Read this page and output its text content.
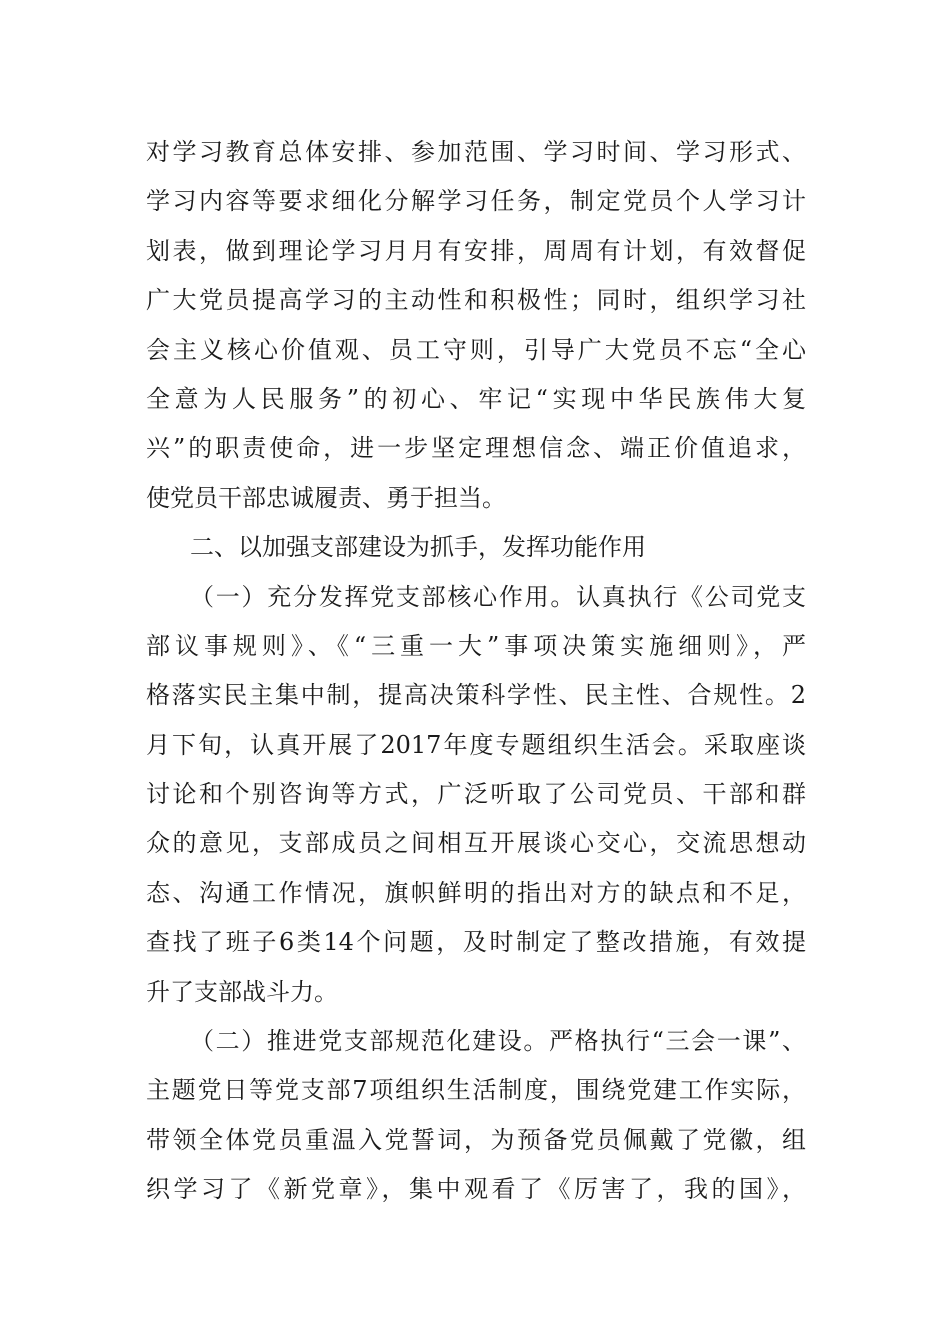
对学习教育总体安排、参加范围、学习时间、学习形式、
学习内容等要求细化分解学习任务，制定党员个人学习计
划表，做到理论学习月月有安排，周周有计划，有效督促
广大党员提高学习的主动性和积极性；同时，组织学习社
会主义核心价值观、员工守则，引导广大党员不忘“全心
全意为人民服务”的初心、牢记“实现中华民族伟大复
兴”的职责使命，进一步坚定理想信念、端正价值追求，
使党员干部忠诚履责、勇于担当。
二、以加强支部建设为抓手，发挥功能作用
（一）充分发挥党支部核心作用。认真执行《公司党支
部议事规则》、《“三重一大”事项决策实施细则》，严
格落实民主集中制，提高决策科学性、民主性、合规性。2
月下旬，认真开展了2017年度专题组织生活会。采取座谈
讨论和个别咨询等方式，广泛听取了公司党员、干部和群
众的意见，支部成员之间相互开展谈心交心，交流思想动
态、沟通工作情况，旗帜鲜明的指出对方的缺点和不足，
查找了班子6类14个问题，及时制定了整改措施，有效提
升了支部战斗力。
（二）推进党支部规范化建设。严格执行“三会一课”、
主题党日等党支部7项组织生活制度，围绕党建工作实际，
带领全体党员重温入党誓词，为预备党员佩戴了党徽，组
织学习了《新党章》，集中观看了《厉害了，我的国》，
